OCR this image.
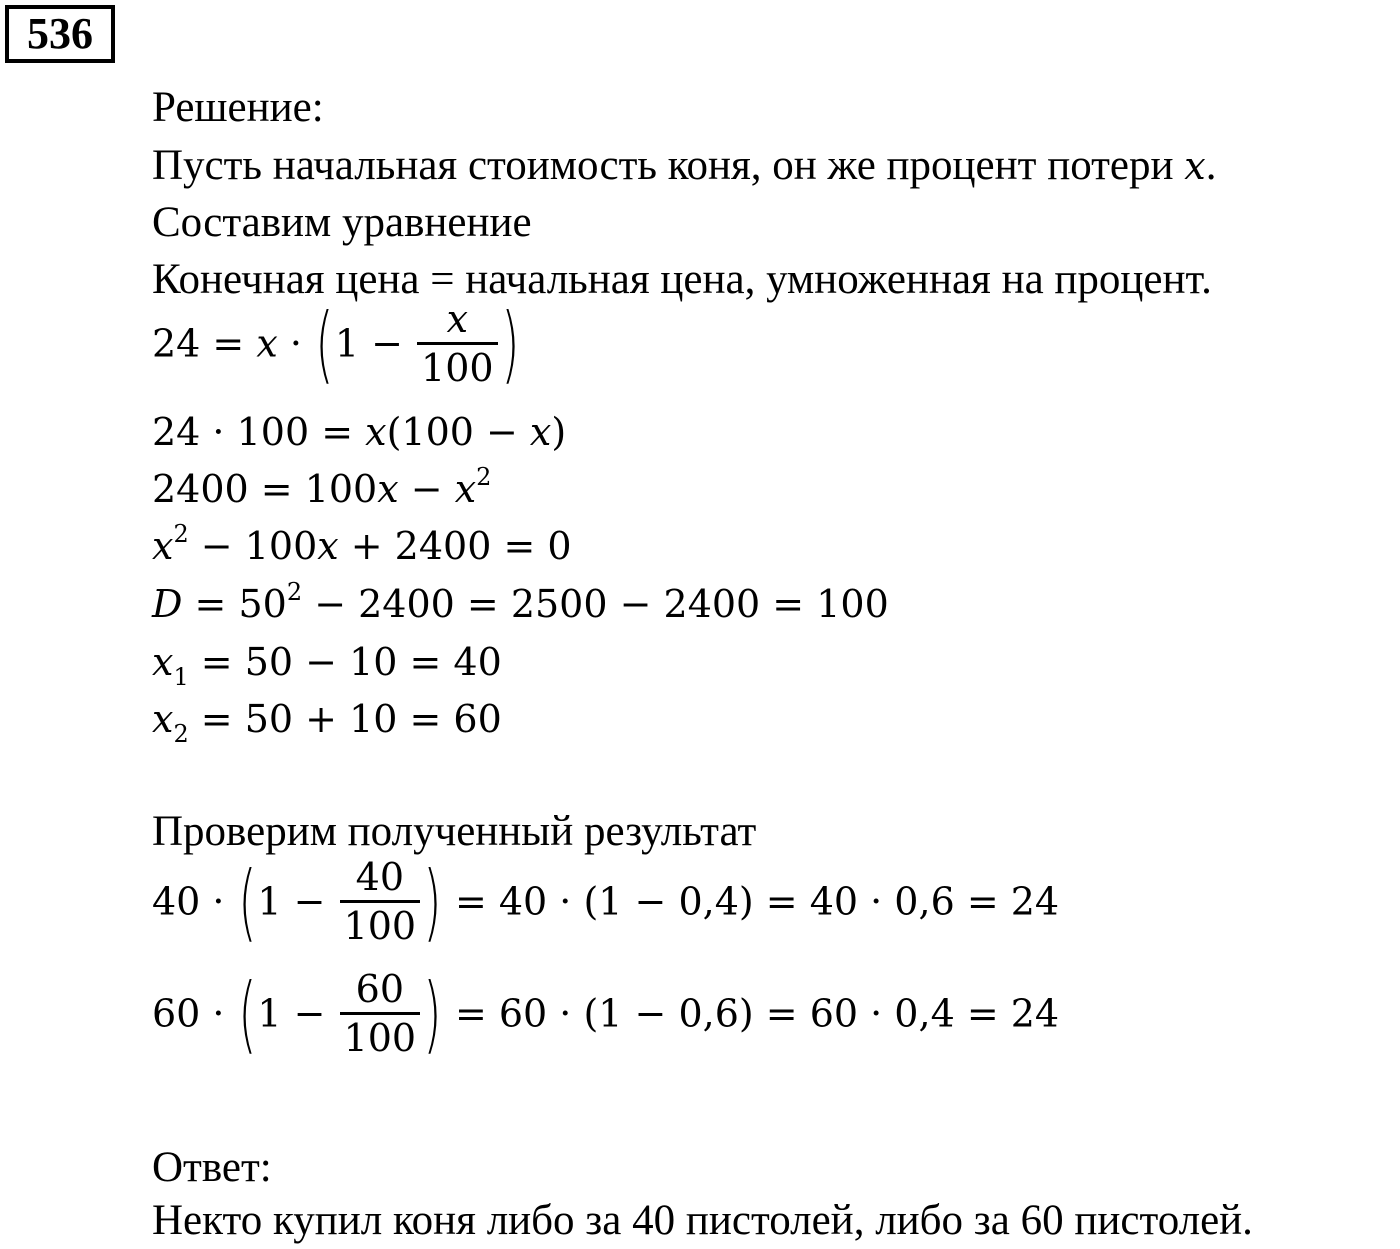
536
Решение:
Пусть начальная стоимость коня, он же процент потери x.
Составим уравнение
Конечная цена = начальная цена, умноженная на процент.
$24 = x \cdot (1 - \frac{x}{100}$ )
24 · 100 = x(100 − x)
$2400 = 100x - x^2$
$x^2 - 100x + 2400 = 0$
$D = 50^2 - 2400 = 2500 - 2400 = 100$
$x_1 = 50 - 10 = 40$
$x_2 = 50 + 10 = 60$
Проверим полученный результат
$40 \cdot (1 - \frac{40}{100}$ ) = 40 · (1 − 0,4) = 40 · 0,6 = 24
$60 \cdot (1 - \frac{60}{100}$ ) = 60 · (1 − 0,6) = 60 · 0,4 = 24
Ответ:
Некто купил коня либо за 40 пистолей, либо за 60 пистолей.
